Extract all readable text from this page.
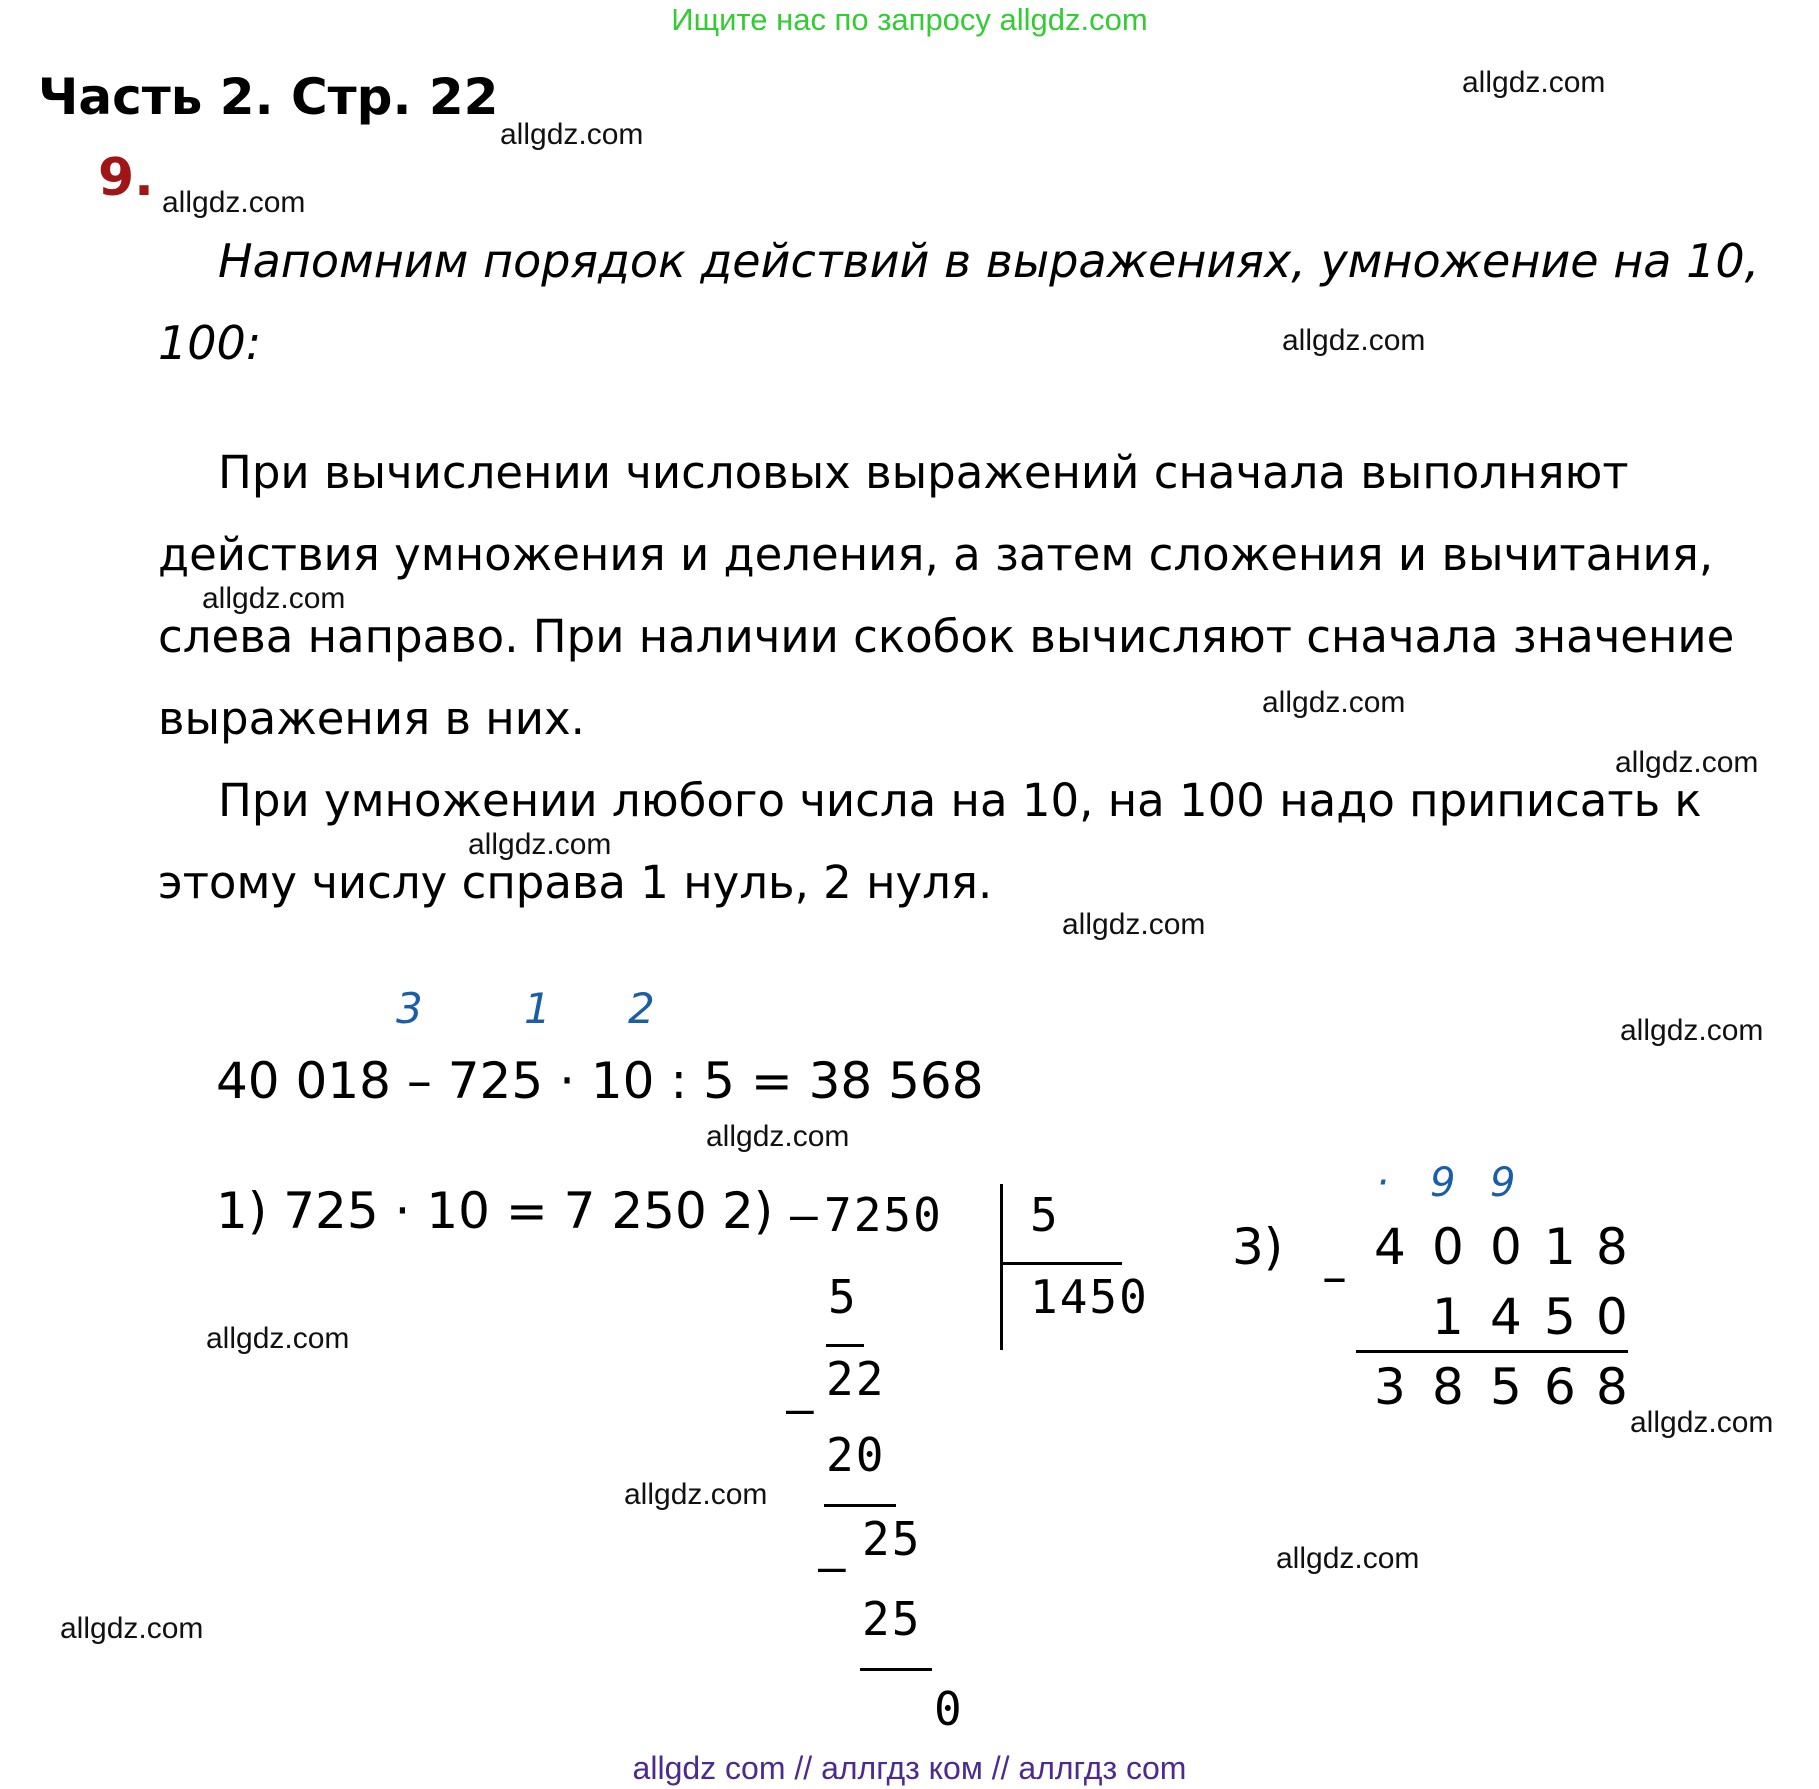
Ищите нас по запросу allgdz.com
Часть 2. Стр. 22
9.
allgdz.com
allgdz.com
allgdz.com
allgdz.com
allgdz.com
allgdz.com
allgdz.com
allgdz.com
allgdz.com
allgdz.com
allgdz.com
allgdz.com
allgdz.com
allgdz.com
allgdz.com
allgdz.com
Напомним порядок действий в выражениях, умножение на 10,
100:
При вычислении числовых выражений сначала выполняют
действия умножения и деления, а затем сложения и вычитания,
слева направо. При наличии скобок вычисляют сначала значение
выражения в них.
При умножении любого числа на 10, на 100 надо приписать к
этому числу справа 1 нуль, 2 нуля.
3 1 2
40 018 – 725 · 10 : 5 = 38 568
1) 725 · 10 = 7 250 2) – 7250 5
1450
5
–
22
20
–
25
25
0
3)
–
· 9 9
4 0 0 1 8
1 4 5 0
3 8 5 6 8
allgdz com // аллгдз ком // аллгдз com
